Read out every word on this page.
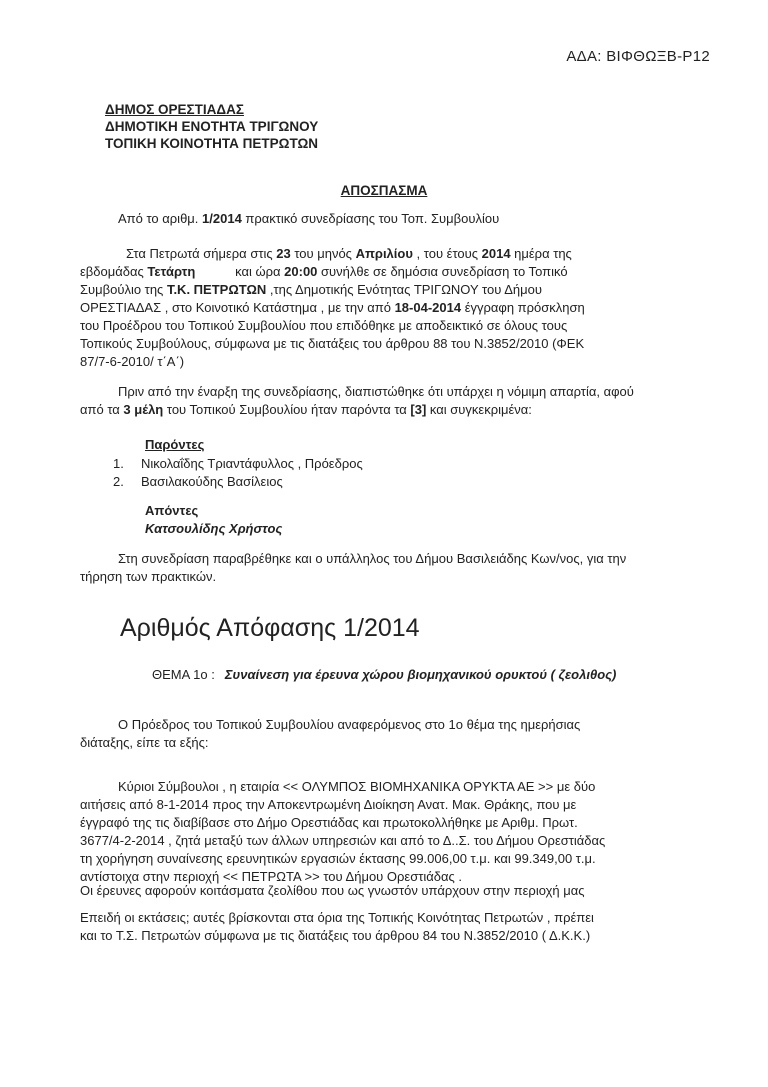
ΑΔΑ: ΒΙΦΘΩΞΒ-Ρ12
ΔΗΜΟΣ ΟΡΕΣΤΙΑΔΑΣ
ΔΗΜΟΤΙΚΗ ΕΝΟΤΗΤΑ ΤΡΙΓΩΝΟΥ
ΤΟΠΙΚΗ ΚΟΙΝΟΤΗΤΑ ΠΕΤΡΩΤΩΝ
ΑΠΟΣΠΑΣΜΑ
Από το αριθμ. 1/2014 πρακτικό συνεδρίασης του Τοπ. Συμβουλίου
Στα Πετρωτά σήμερα στις 23 του μηνός Απριλίου , του έτους 2014 ημέρα της
εβδομάδας Τετάρτη           και ώρα 20:00 συνήλθε σε δημόσια συνεδρίαση το Τοπικό
Συμβούλιο της Τ.Κ. ΠΕΤΡΩΤΩΝ ,της Δημοτικής Ενότητας ΤΡΙΓΩΝΟΥ του Δήμου
ΟΡΕΣΤΙΑΔΑΣ , στο Κοινοτικό Κατάστημα , με την από 18-04-2014 έγγραφη πρόσκληση
του Προέδρου του Τοπικού Συμβουλίου που επιδόθηκε με αποδεικτικό σε όλους τους
Τοπικούς Συμβούλους, σύμφωνα με τις διατάξεις του άρθρου 88 του Ν.3852/2010 (ΦΕΚ
87/7-6-2010/ τ΄Α΄)
Πριν από την έναρξη της συνεδρίασης, διαπιστώθηκε ότι υπάρχει η νόμιμη απαρτία, αφού
από τα 3 μέλη του Τοπικού Συμβουλίου ήταν παρόντα τα [3] και συγκεκριμένα:
Παρόντες
1. Νικολαΐδης Τριαντάφυλλος , Πρόεδρος
2. Βασιλακούδης Βασίλειος
Απόντες
Κατσουλίδης Χρήστος
Στη συνεδρίαση παραβρέθηκε και ο υπάλληλος του Δήμου Βασιλειάδης Κων/νος, για την
τήρηση των πρακτικών.
Αριθμός Απόφασης 1/2014
ΘΕΜΑ 1ο : Συναίνεση για έρευνα χώρου βιομηχανικού ορυκτού ( ζεολιθος)
Ο Πρόεδρος του Τοπικού Συμβουλίου αναφερόμενος στο 1ο θέμα της ημερήσιας
διάταξης, είπε τα εξής:
Κύριοι Σύμβουλοι , η εταιρία << ΟΛΥΜΠΟΣ ΒΙΟΜΗΧΑΝΙΚΑ ΟΡΥΚΤΑ ΑΕ >> με δύο
αιτήσεις από 8-1-2014 προς την Αποκεντρωμένη Διοίκηση Ανατ. Μακ. Θράκης, που με
έγγραφό της τις διαβίβασε στο Δήμο Ορεστιάδας και πρωτοκολλήθηκε με Αριθμ. Πρωτ.
3677/4-2-2014 , ζητά μεταξύ των άλλων υπηρεσιών και από το Δ..Σ. του Δήμου Ορεστιάδας
τη χορήγηση συναίνεσης ερευνητικών εργασιών έκτασης 99.006,00 τ.μ. και 99.349,00 τ.μ.
αντίστοιχα στην περιοχή << ΠΕΤΡΩΤΑ >> του Δήμου Ορεστιάδας .
Οι έρευνες αφορούν κοιτάσματα ζεολίθου που ως γνωστόν υπάρχουν στην περιοχή μας
Επειδή οι εκτάσεις; αυτές βρίσκονται στα όρια της Τοπικής Κοινότητας Πετρωτών , πρέπει
και το Τ.Σ. Πετρωτών σύμφωνα με τις διατάξεις του άρθρου 84 του Ν.3852/2010 ( Δ.Κ.Κ.)
